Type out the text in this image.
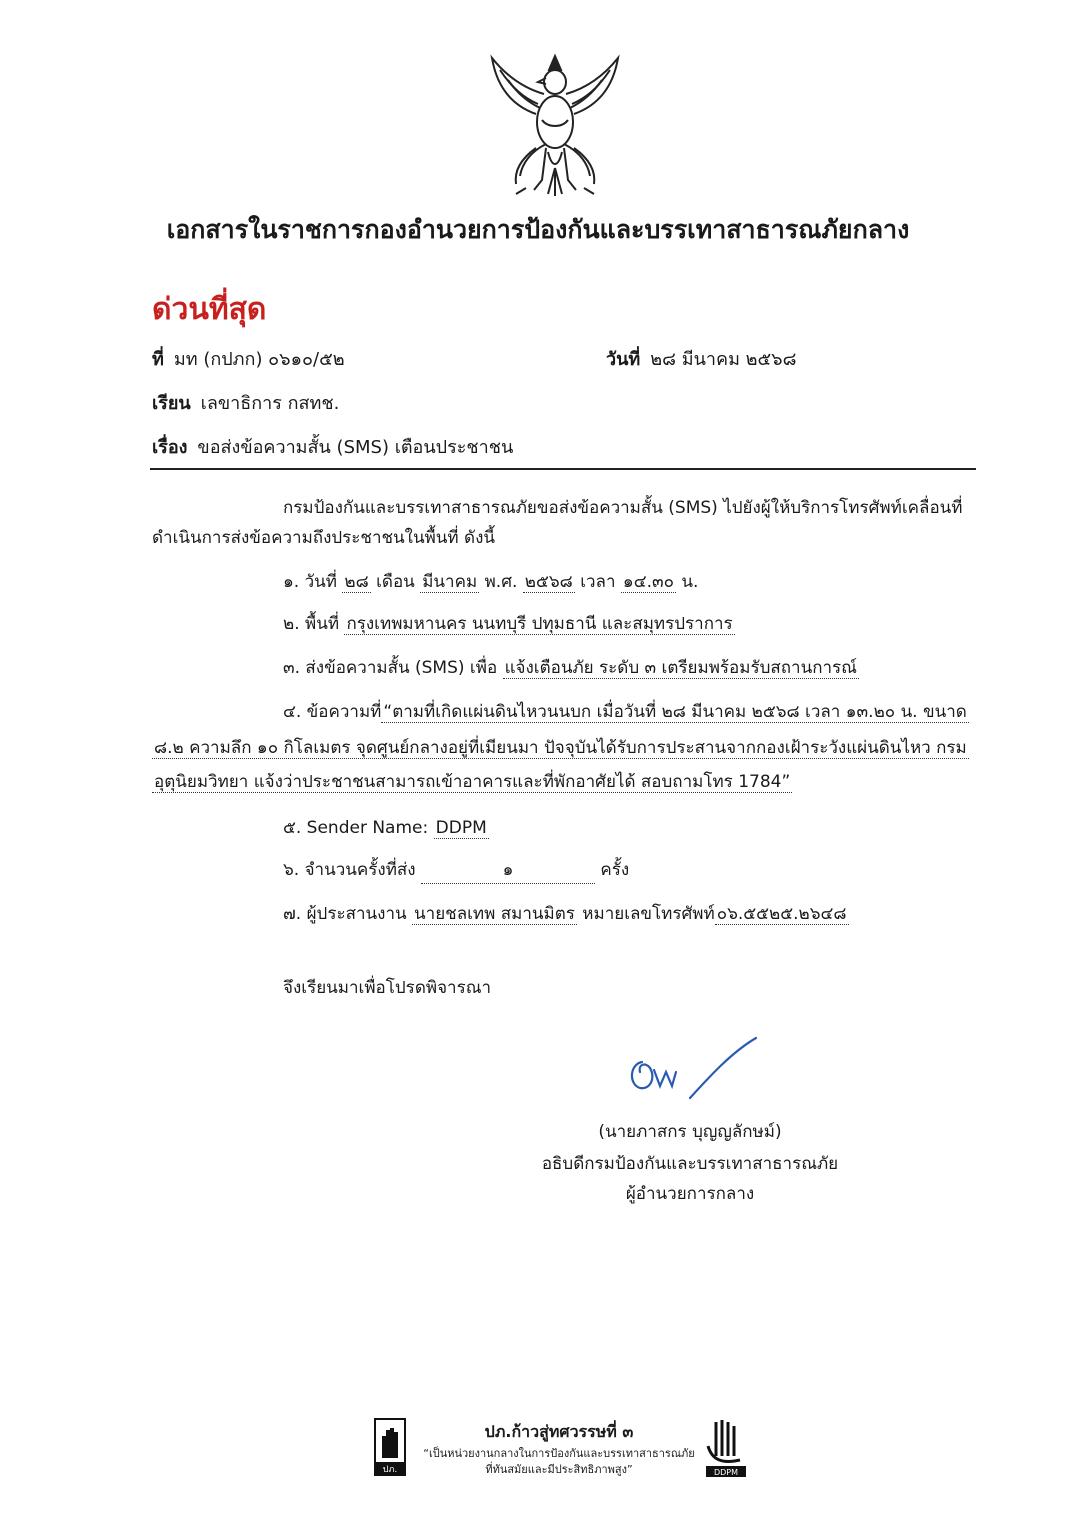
เอกสารในราชการกองอำนวยการป้องกันและบรรเทาสาธารณภัยกลาง
ด่วนที่สุด
ที่ มท (กปภก) ๐๖๑๐/๕๒	วันที่ ๒๘ มีนาคม ๒๕๖๘
เรียน เลขาธิการ กสทช.
เรื่อง ขอส่งข้อความสั้น (SMS) เตือนประชาชน
กรมป้องกันและบรรเทาสาธารณภัยขอส่งข้อความสั้น (SMS) ไปยังผู้ให้บริการโทรศัพท์เคลื่อนที่
ดำเนินการส่งข้อความถึงประชาชนในพื้นที่ ดังนี้
๑. วันที่ ๒๘ เดือน มีนาคม พ.ศ. ๒๕๖๘ เวลา ๑๔.๓๐ น.
๒. พื้นที่ กรุงเทพมหานคร นนทบุรี ปทุมธานี และสมุทรปราการ
๓. ส่งข้อความสั้น (SMS) เพื่อ แจ้งเตือนภัย ระดับ ๓ เตรียมพร้อมรับสถานการณ์
๔. ข้อความที่ “ตามที่เกิดแผ่นดินไหวนนบก เมื่อวันที่ ๒๘ มีนาคม ๒๕๖๘ เวลา ๑๓.๒๐ น. ขนาด
๘.๒ ความลึก ๑๐ กิโลเมตร จุดศูนย์กลางอยู่ที่เมียนมา ปัจจุบันได้รับการประสานจากกองเฝ้าระวังแผ่นดินไหว กรม
อุตุนิยมวิทยา แจ้งว่าประชาชนสามารถเข้าอาคารและที่พักอาศัยได้ สอบถามโทร 1784”
๕. Sender Name: DDPM
๖. จำนวนครั้งที่ส่ง	๑	ครั้ง
๗. ผู้ประสานงาน นายชลเทพ สมานมิตร หมายเลขโทรศัพท์ ๐๖.๕๕๒๕.๒๖๔๘
จึงเรียนมาเพื่อโปรดพิจารณา
(นายภาสกร บุญญลักษม์)
อธิบดีกรมป้องกันและบรรเทาสาธารณภัย
ผู้อำนวยการกลาง
ปภ.
ปภ.ก้าวสู่ทศวรรษที่ ๓
“เป็นหน่วยงานกลางในการป้องกันและบรรเทาสาธารณภัย
ที่ทันสมัยและมีประสิทธิภาพสูง”	DDPM
